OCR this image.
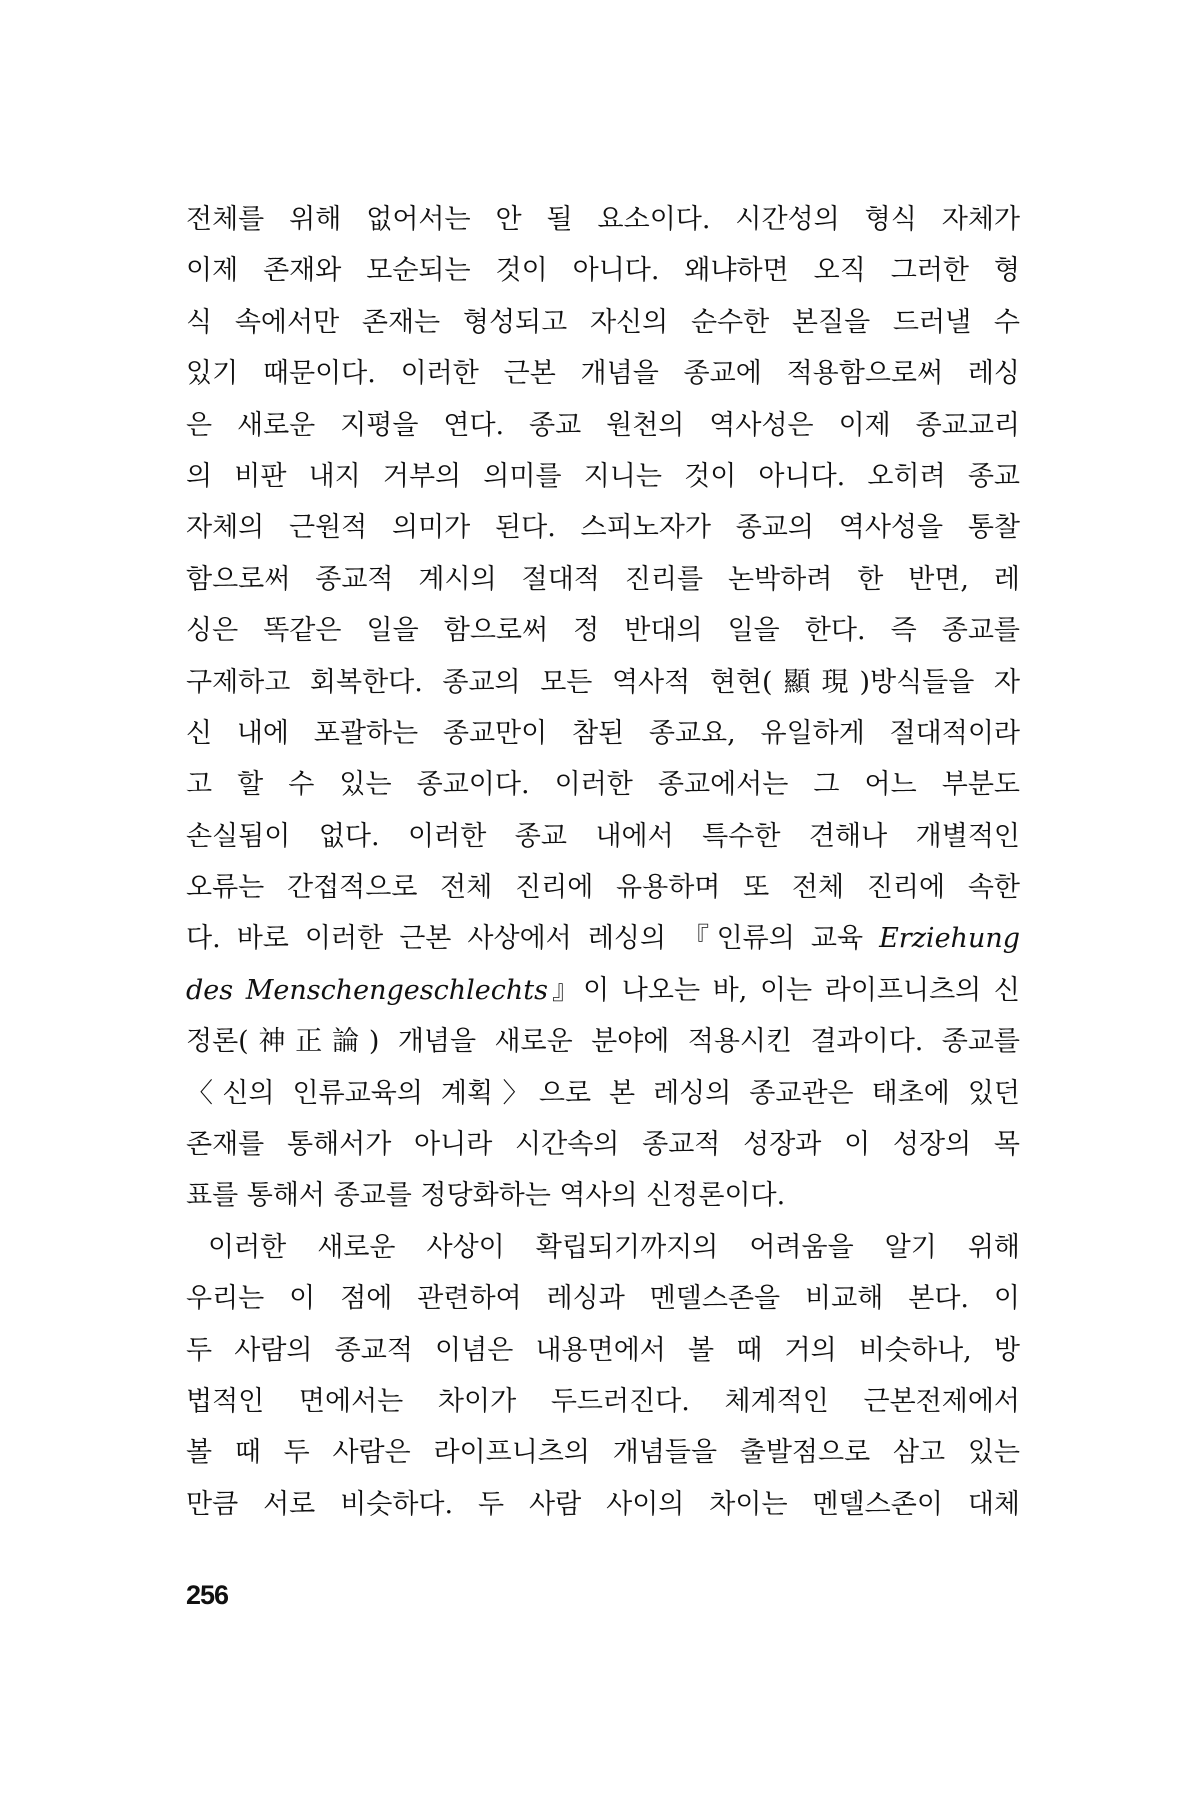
전체를 위해 없어서는 안 될 요소이다. 시간성의 형식 자체가
이제 존재와 모순되는 것이 아니다. 왜냐하면 오직 그러한 형
식 속에서만 존재는 형성되고 자신의 순수한 본질을 드러낼 수
있기 때문이다. 이러한 근본 개념을 종교에 적용함으로써 레싱
은 새로운 지평을 연다. 종교 원천의 역사성은 이제 종교교리
의 비판 내지 거부의 의미를 지니는 것이 아니다. 오히려 종교
자체의 근원적 의미가 된다. 스피노자가 종교의 역사성을 통찰
함으로써 종교적 계시의 절대적 진리를 논박하려 한 반면, 레
싱은 똑같은 일을 함으로써 정 반대의 일을 한다. 즉 종교를
구제하고 회복한다. 종교의 모든 역사적 현현(顯現)방식들을 자
신 내에 포괄하는 종교만이 참된 종교요, 유일하게 절대적이라
고 할 수 있는 종교이다. 이러한 종교에서는 그 어느 부분도
손실됨이 없다. 이러한 종교 내에서 특수한 견해나 개별적인
오류는 간접적으로 전체 진리에 유용하며 또 전체 진리에 속한
다. 바로 이러한 근본 사상에서 레싱의 『인류의 교육 Erziehung
des Menschengeschlechts』이 나오는 바, 이는 라이프니츠의 신
정론(神正論) 개념을 새로운 분야에 적용시킨 결과이다. 종교를
〈신의 인류교육의 계획〉으로 본 레싱의 종교관은 태초에 있던
존재를 통해서가 아니라 시간속의 종교적 성장과 이 성장의 목
표를 통해서 종교를 정당화하는 역사의 신정론이다.
이러한 새로운 사상이 확립되기까지의 어려움을 알기 위해
우리는 이 점에 관련하여 레싱과 멘델스존을 비교해 본다. 이
두 사람의 종교적 이념은 내용면에서 볼 때 거의 비슷하나, 방
법적인 면에서는 차이가 두드러진다. 체계적인 근본전제에서
볼 때 두 사람은 라이프니츠의 개념들을 출발점으로 삼고 있는
만큼 서로 비슷하다. 두 사람 사이의 차이는 멘델스존이 대체
256
